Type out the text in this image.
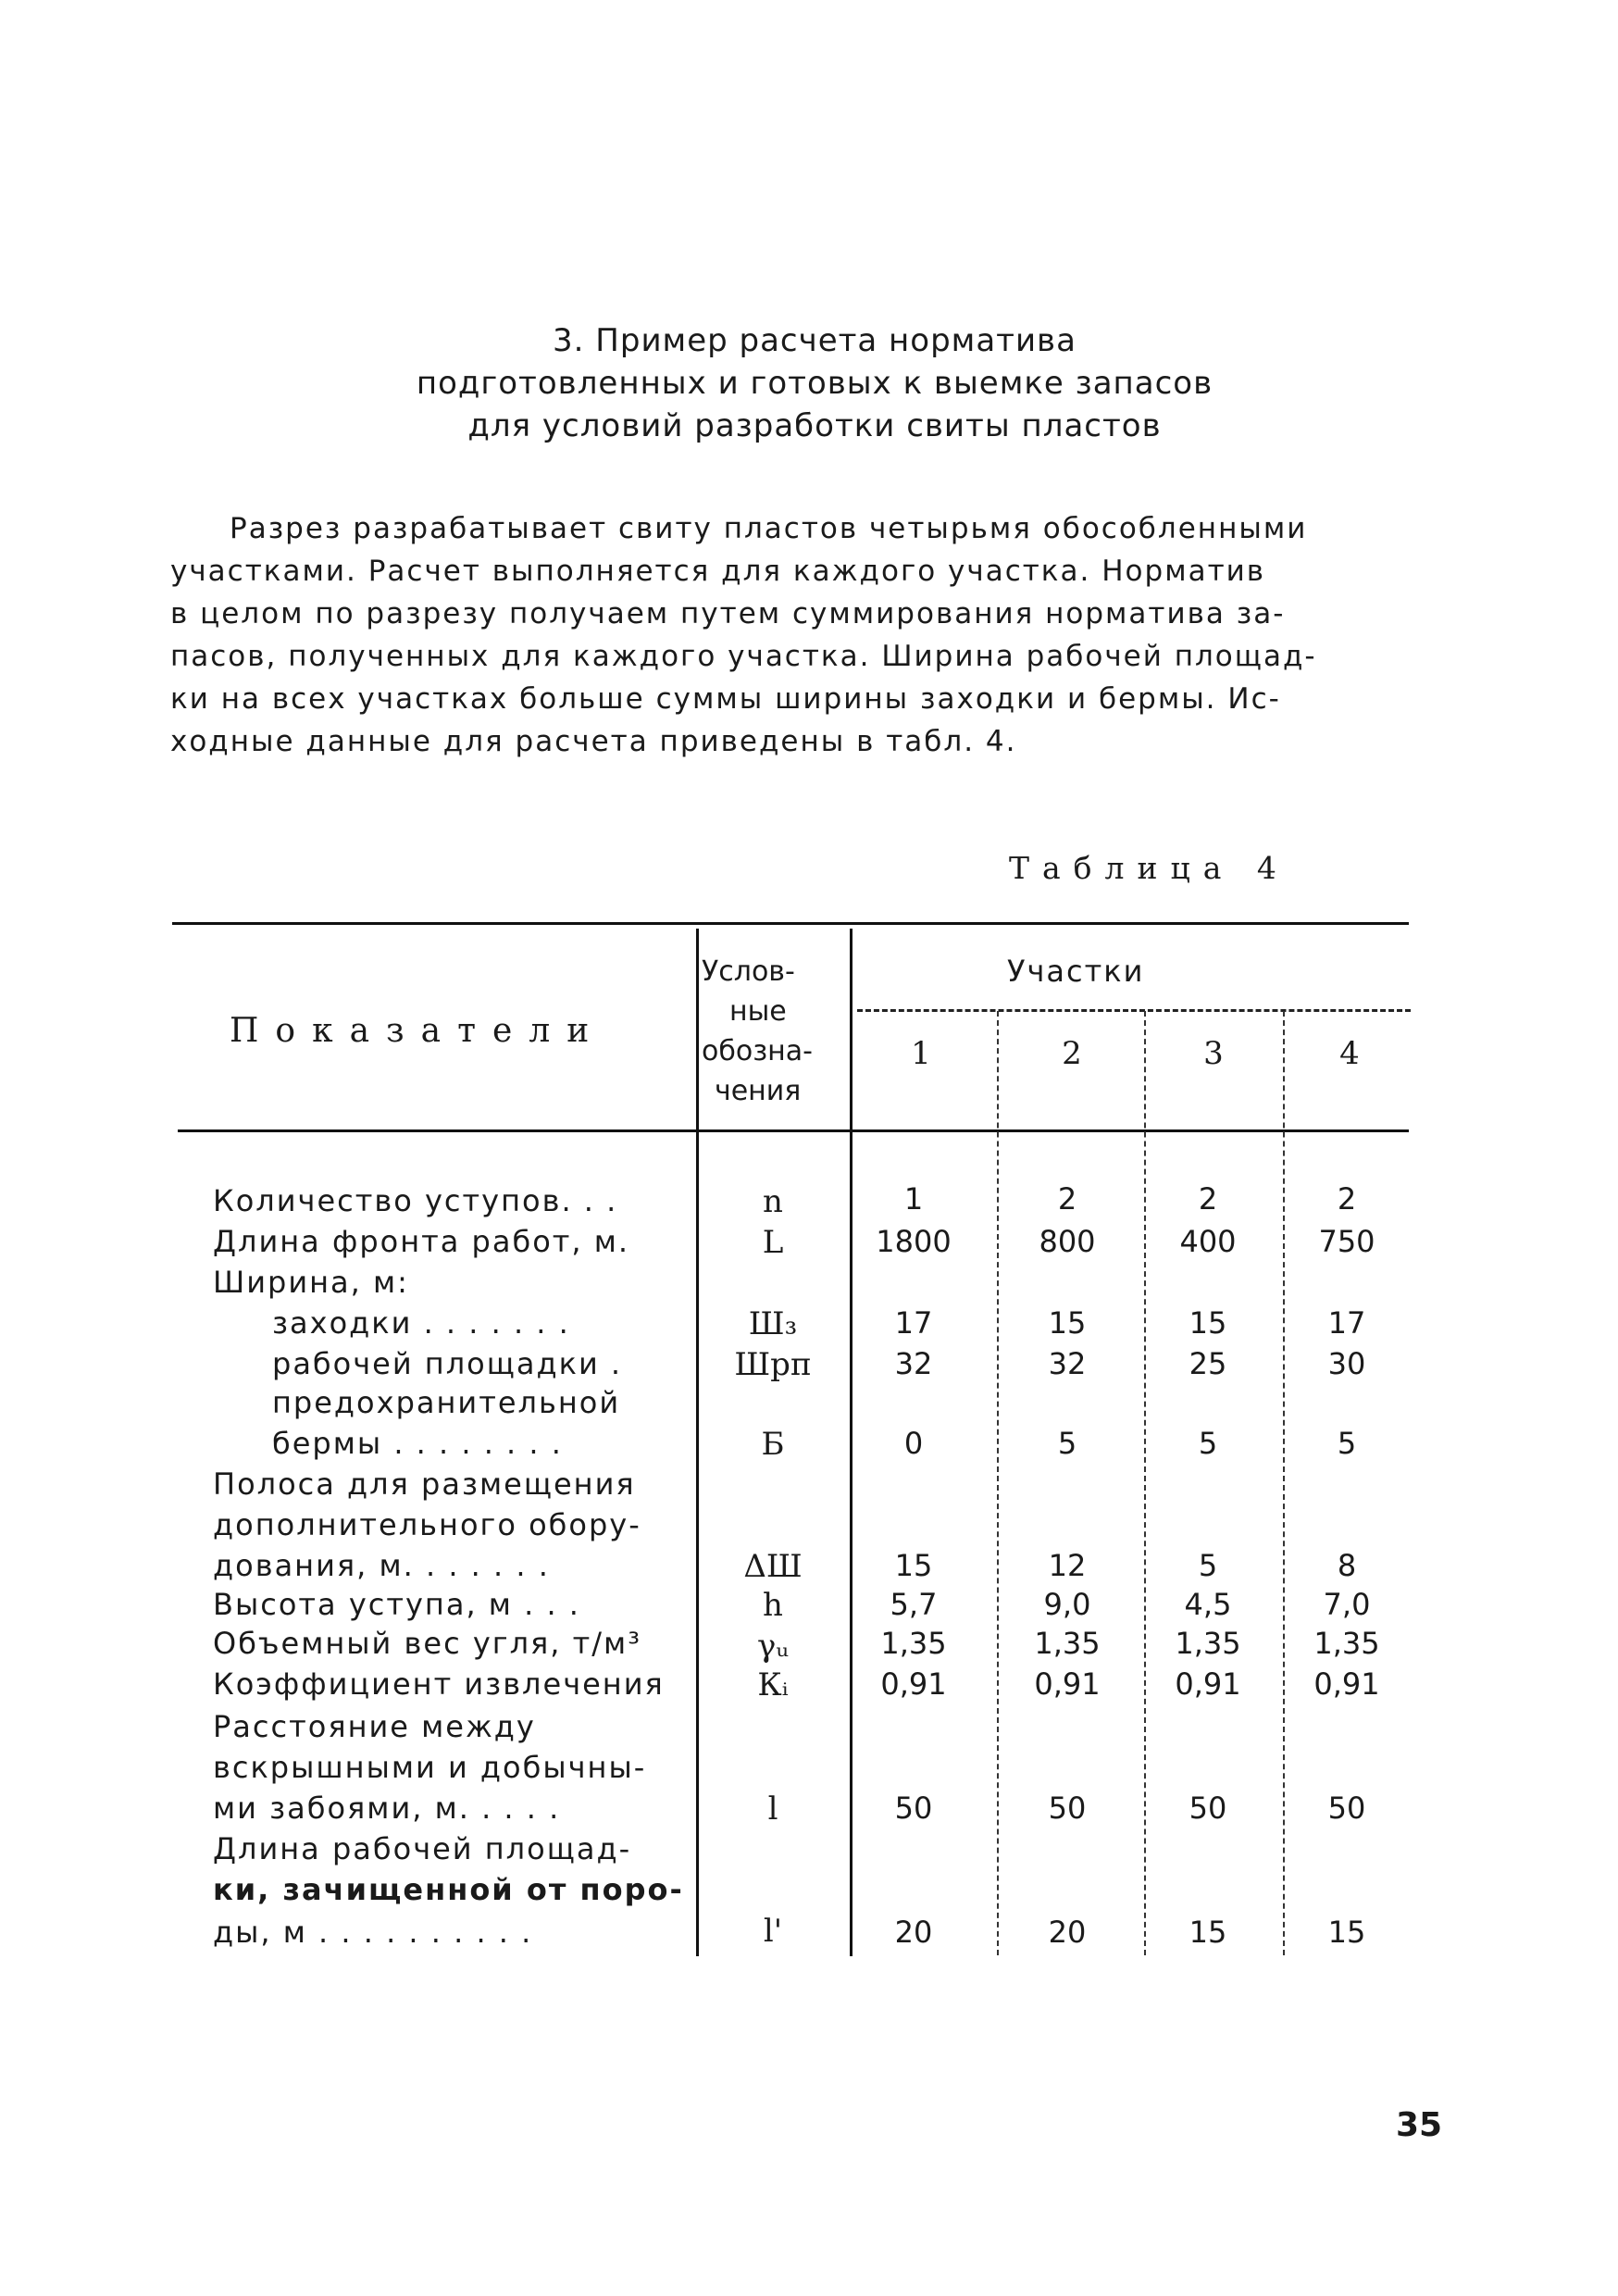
3. Пример расчета норматива
подготовленных и готовых к выемке запасов
для условий разработки свиты пластов
Разрез разрабатывает свиту пластов четырьмя обособленными
участками. Расчет выполняется для каждого участка. Норматив
в целом по разрезу получаем путем суммирования норматива за-
пасов, полученных для каждого участка. Ширина рабочей площад-
ки на всех участках больше суммы ширины заходки и бермы. Ис-
ходные данные для расчета приведены в табл. 4.
Таблица 4
Показатели
Услов-
ные
обозна-
чения
Участки
1	2	3	4
Количество уступов. . .	n	1	2	2	2
Длина фронта работ, м.	L	1800	800	400	750
Ширина, м:
заходки . . . . . . .	Ш₃	17	15	15	17
рабочей площадки .	Шрп	32	32	25	30
предохранительной
бермы . . . . . . . .	Б	0	5	5	5
Полоса для размещения
дополнительного обору-
дования, м. . . . . . .	ΔШ	15	12	5	8
Высота уступа, м . . .	h	5,7	9,0	4,5	7,0
Объемный вес угля, т/м³	γᵤ	1,35	1,35	1,35	1,35
Коэффициент извлечения	Кᵢ	0,91	0,91	0,91	0,91
Расстояние между
вскрышными и добычны-
ми забоями, м. . . . .	l	50	50	50	50
Длина рабочей площад-
ки, зачищенной от поро-
ды, м . . . . . . . . . .	l'	20	20	15	15
35
